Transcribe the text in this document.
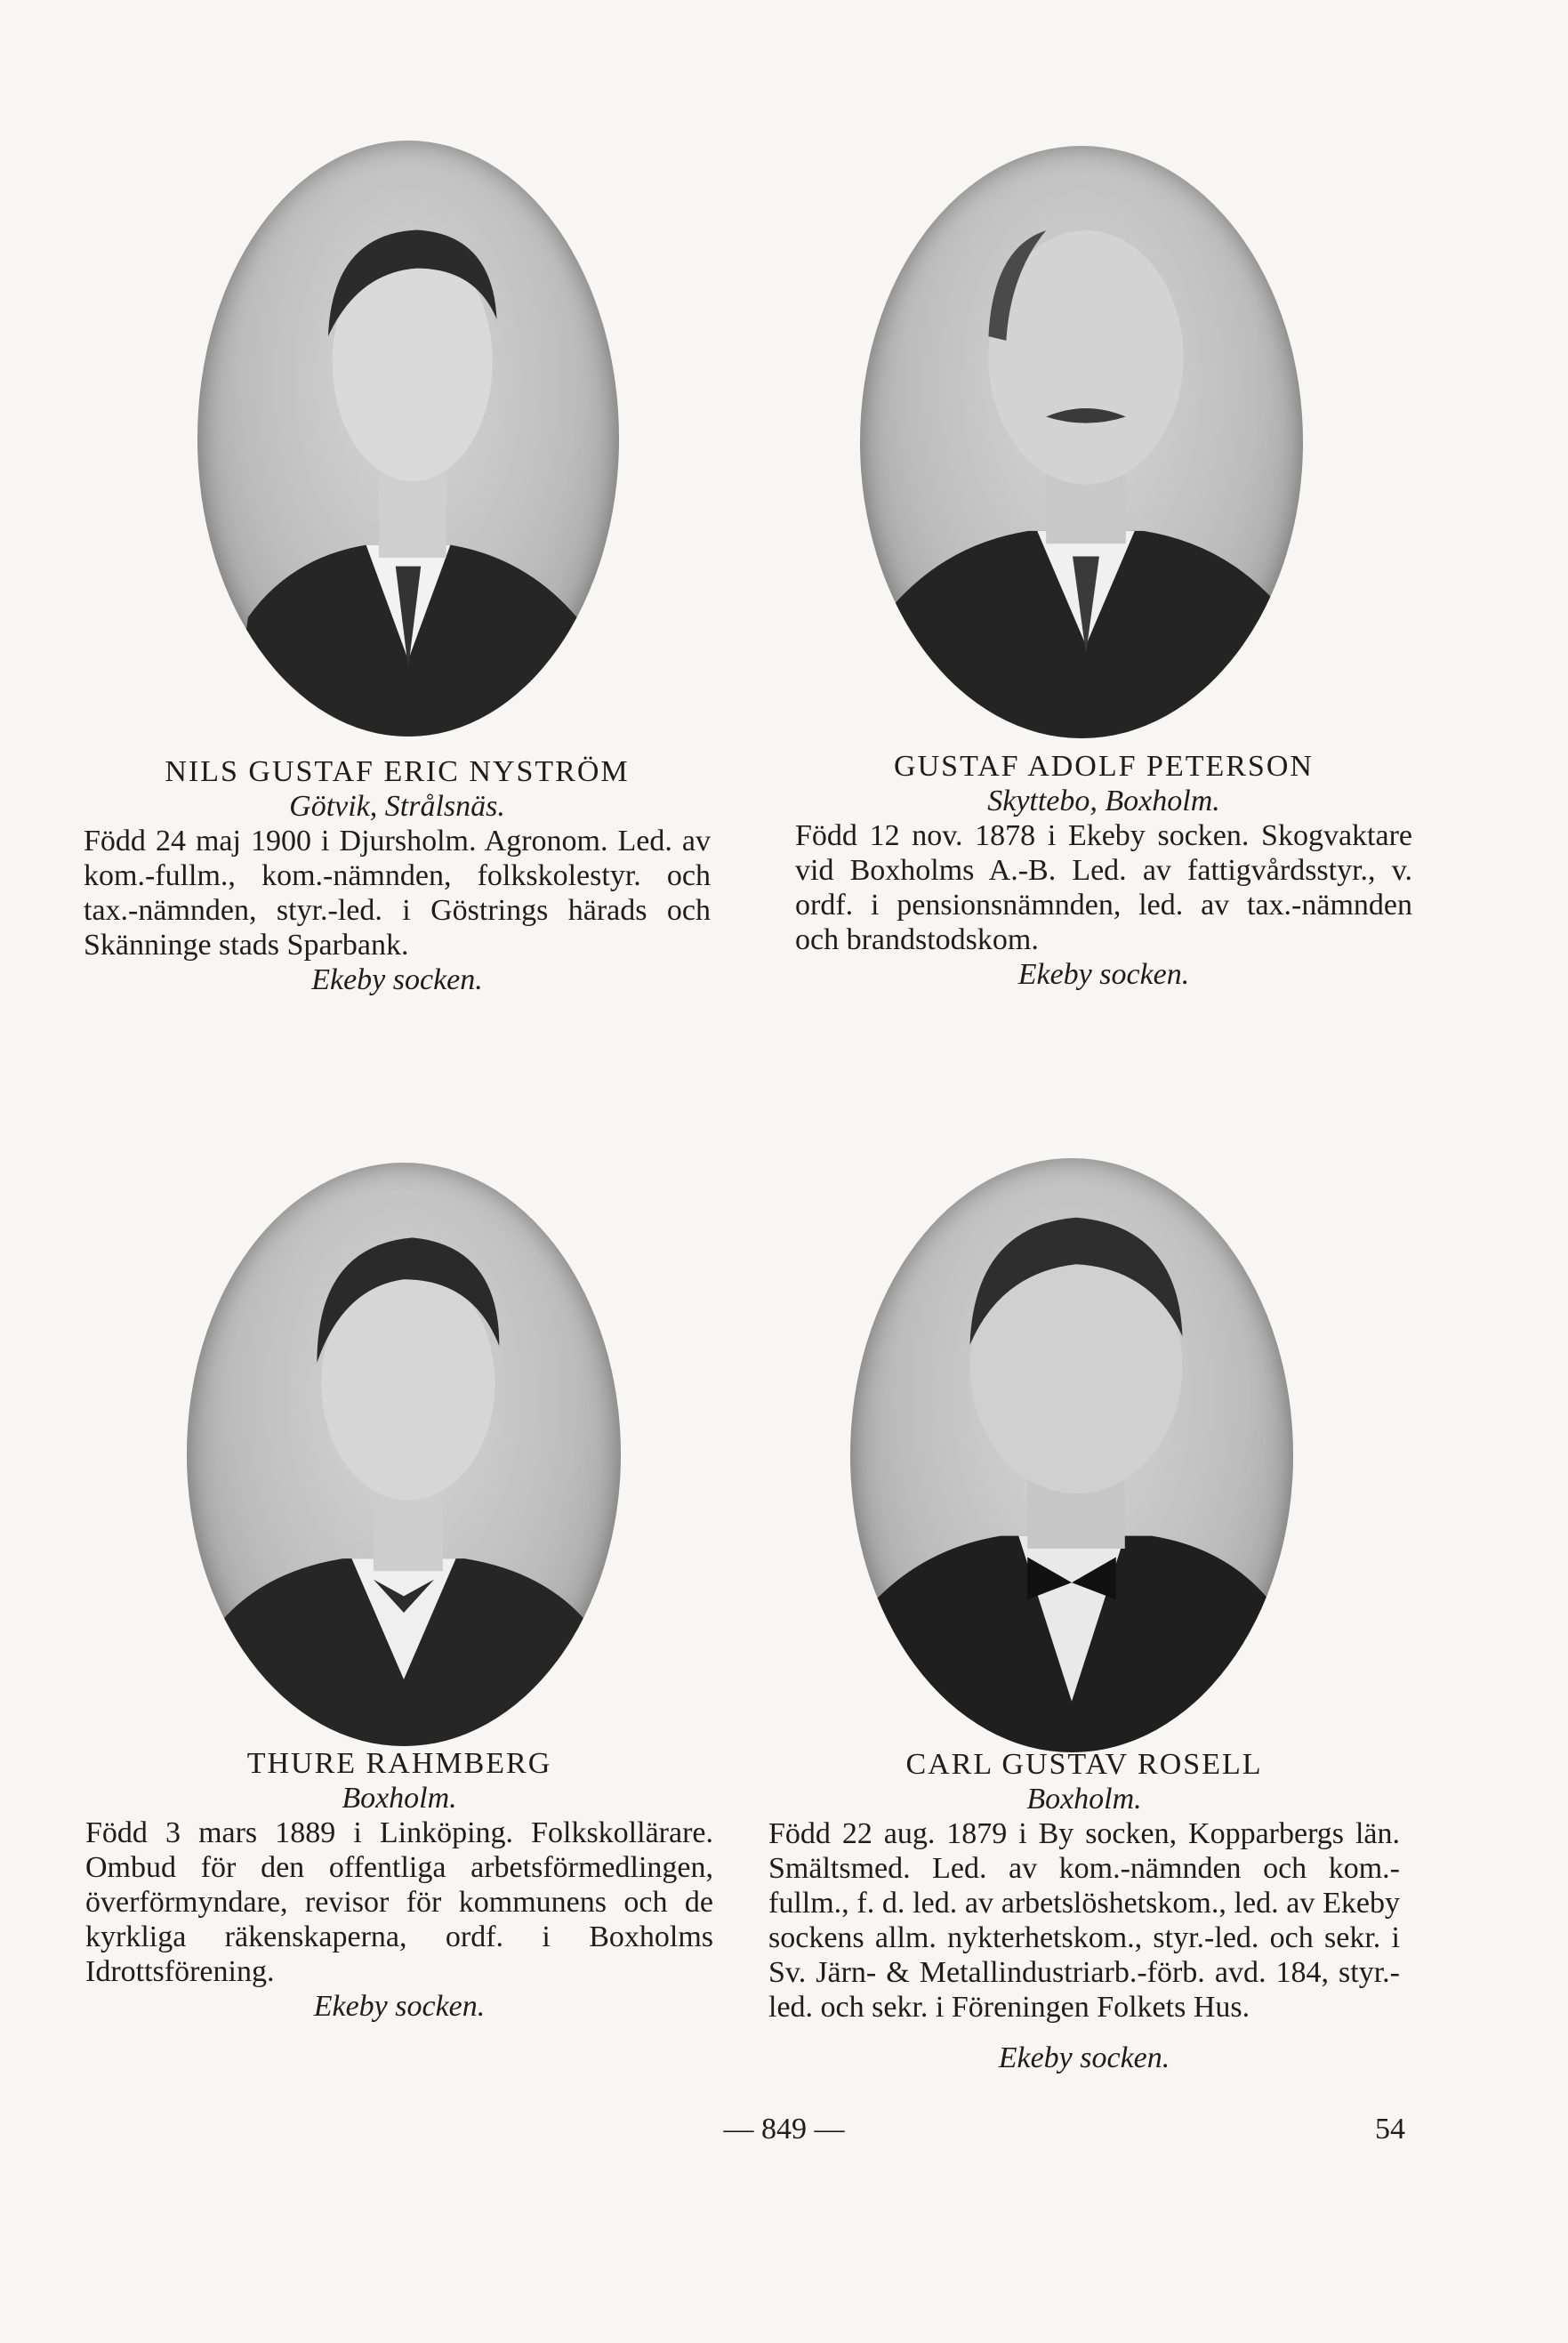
NILS GUSTAF ERIC NYSTRÖM
Götvik, Strålsnäs.
Född 24 maj 1900 i Djursholm. Agronom. Led. av kom.-fullm., kom.-nämnden, folkskolestyr. och tax.-nämnden, styr.-led. i Göstrings härads och Skänninge stads Sparbank.
Ekeby socken.
GUSTAF ADOLF PETERSON
Skyttebo, Boxholm.
Född 12 nov. 1878 i Ekeby socken. Skogvaktare vid Boxholms A.-B. Led. av fattigvårdsstyr., v. ordf. i pensionsnämnden, led. av tax.-nämnden och brandstodskom.
Ekeby socken.
THURE RAHMBERG
Boxholm.
Född 3 mars 1889 i Linköping. Folkskollärare. Ombud för den offentliga arbetsförmedlingen, överförmyndare, revisor för kommunens och de kyrkliga räkenskaperna, ordf. i Boxholms Idrottsförening.
Ekeby socken.
CARL GUSTAV ROSELL
Boxholm.
Född 22 aug. 1879 i By socken, Kopparbergs län. Smältsmed. Led. av kom.-nämnden och kom.-fullm., f. d. led. av arbetslöshetskom., led. av Ekeby sockens allm. nykterhetskom., styr.-led. och sekr. i Sv. Järn- & Metallindustriarb.-förb. avd. 184, styr.-led. och sekr. i Föreningen Folkets Hus.
Ekeby socken.
— 849 —	54
